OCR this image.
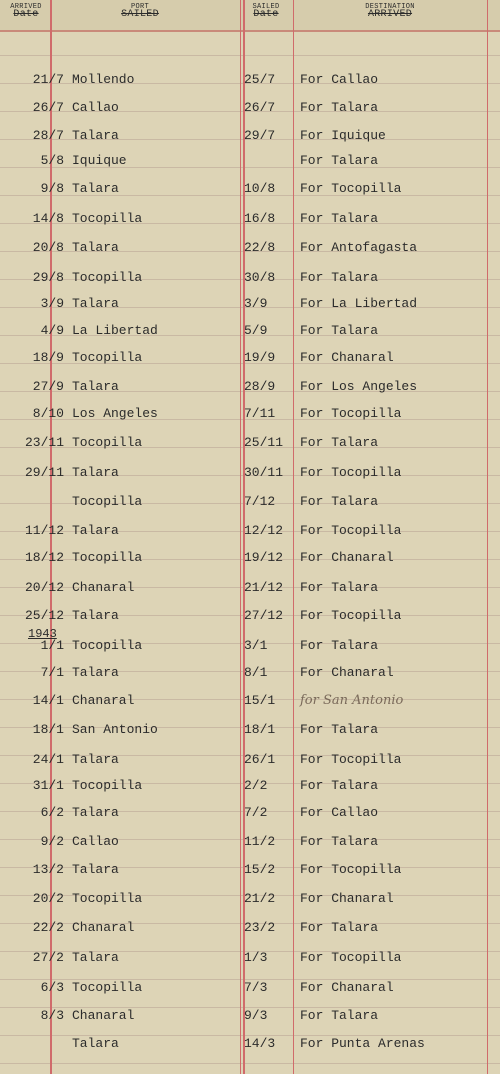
ARRIVED
Date
PORT
SAILED
SAILED
Date
DESTINATION
ARRIVED
21/7 Mollendo	25/7 For Callao
26/7 Callao	26/7 For Talara
28/7 Talara	29/7 For Iquique
5/8 Iquique	For Talara
9/8 Talara	10/8 For Tocopilla
14/8 Tocopilla	16/8 For Talara
20/8 Talara	22/8 For Antofagasta
29/8 Tocopilla	30/8 For Talara
3/9 Talara	3/9	For La Libertad
4/9 La Libertad	5/9	For Talara
18/9 Tocopilla	19/9 For Chanaral
27/9 Talara	28/9 For Los Angeles
8/10 Los Angeles	7/11 For Tocopilla
23/11 Tocopilla	25/11 For Talara
29/11 Talara	30/11 For Tocopilla
Tocopilla	7/12 For Talara
11/12 Talara	12/12 For Tocopilla
18/12 Tocopilla	19/12 For Chanaral
20/12 Chanaral	21/12 For Talara
25/12 Talara	27/12 For Tocopilla
1/1 Tocopilla	3/1	For Talara
7/1 Talara	8/1	For Chanaral
14/1 Chanaral	15/1 for San Antonio
18/1 San Antonio	18/1 For Talara
24/1 Talara	26/1 For Tocopilla
31/1 Tocopilla	2/2	For Talara
6/2 Talara	7/2	For Callao
9/2 Callao	11/2 For Talara
13/2 Talara	15/2 For Tocopilla
20/2 Tocopilla	21/2 For Chanaral
22/2 Chanaral	23/2 For Talara
27/2 Talara	1/3	For Tocopilla
6/3 Tocopilla	7/3	For Chanaral
8/3 Chanaral	9/3	For Talara
Talara	14/3 For Punta Arenas
1943
